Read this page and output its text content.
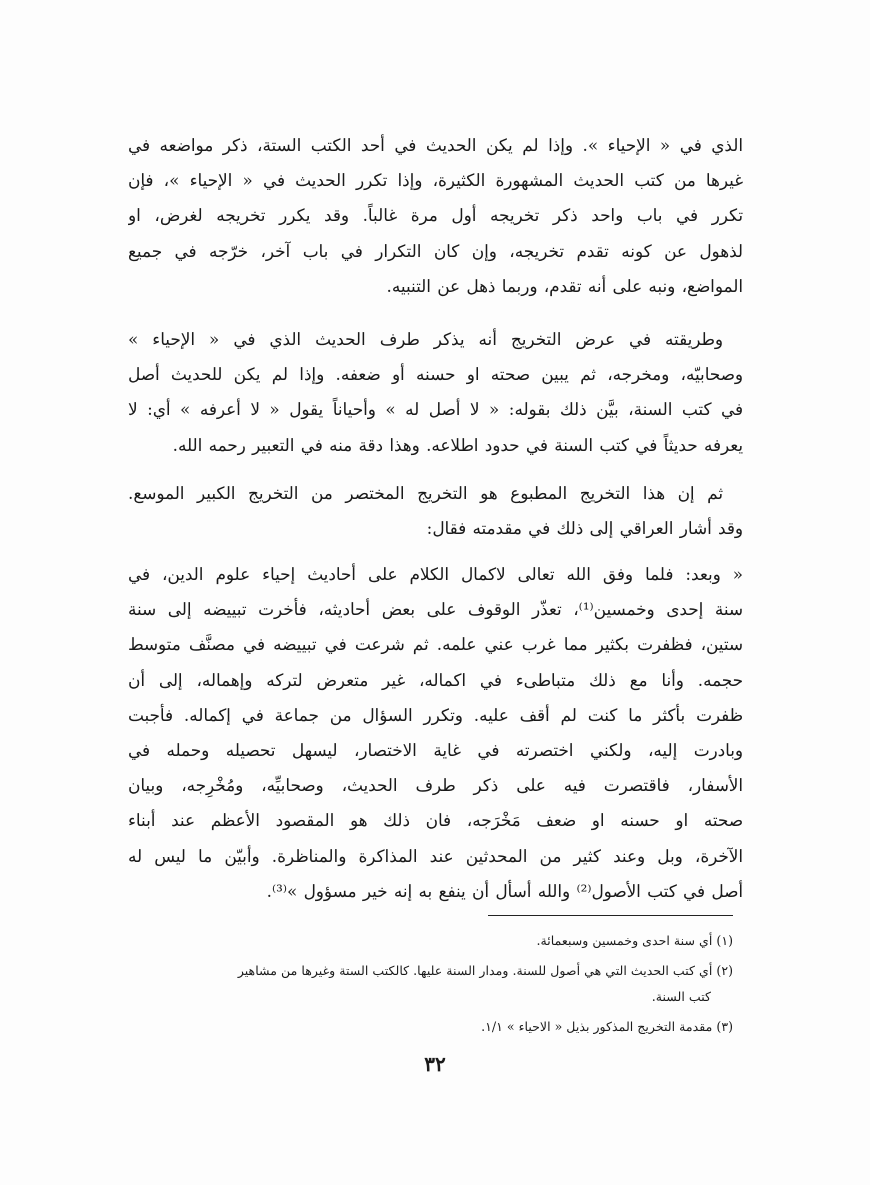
الذي في « الإحياء ». وإذا لم يكن الحديث في أحد الكتب الستة، ذكر مواضعه في
غيرها من كتب الحديث المشهورة الكثيرة، وإذا تكرر الحديث في « الإحياء »، فإن
تكرر في باب واحد ذكر تخريجه أول مرة غالباً. وقد يكرر تخريجه لغرض، او
لذهول عن كونه تقدم تخريجه، وإن كان التكرار في باب آخر، خرّجه في جميع
المواضع، ونبه على أنه تقدم، وربما ذهل عن التنبيه.
وطريقته في عرض التخريج أنه يذكر طرف الحديث الذي في « الإحياء »
وصحابيّه، ومخرجه، ثم يبين صحته او حسنه أو ضعفه. وإذا لم يكن للحديث أصل
في كتب السنة، بيَّن ذلك بقوله: « لا أصل له » وأحياناً يقول « لا أعرفه » أي: لا
يعرفه حديثاً في كتب السنة في حدود اطلاعه. وهذا دقة منه في التعبير رحمه الله.
ثم إن هذا التخريج المطبوع هو التخريج المختصر من التخريج الكبير الموسع.
وقد أشار العراقي إلى ذلك في مقدمته فقال:
« وبعد: فلما وفق الله تعالى لاكمال الكلام على أحاديث إحياء علوم الدين، في
سنة إحدى وخمسين⁽¹⁾، تعذّر الوقوف على بعض أحاديثه، فأخرت تبييضه إلى سنة
ستين، فظفرت بكثير مما غرب عني علمه. ثم شرعت في تبييضه في مصنَّف متوسط
حجمه. وأنا مع ذلك متباطىء في اكماله، غير متعرض لتركه وإهماله، إلى أن
ظفرت بأكثر ما كنت لم أقف عليه. وتكرر السؤال من جماعة في إكماله. فأجبت
وبادرت إليه، ولكني اختصرته في غاية الاختصار، ليسهل تحصيله وحمله في
الأسفار، فاقتصرت فيه على ذكر طرف الحديث، وصحابيِّه، ومُخْرِجه، وبيان
صحته او حسنه او ضعف مَخْرَجه، فان ذلك هو المقصود الأعظم عند أبناء
الآخرة، وبل وعند كثير من المحدثين عند المذاكرة والمناظرة. وأبيّن ما ليس له
أصل في كتب الأصول⁽²⁾ والله أسأل أن ينفع به إنه خير مسؤول »⁽³⁾.

(١) أي سنة احدى وخمسين وسبعمائة.

(٢) أي كتب الحديث التي هي أصول للسنة. ومدار السنة عليها. كالكتب الستة وغيرها من مشاهير
كتب السنة.

(٣) مقدمة التخريج المذكور بذيل « الاحياء » ١/١.

٣٢
